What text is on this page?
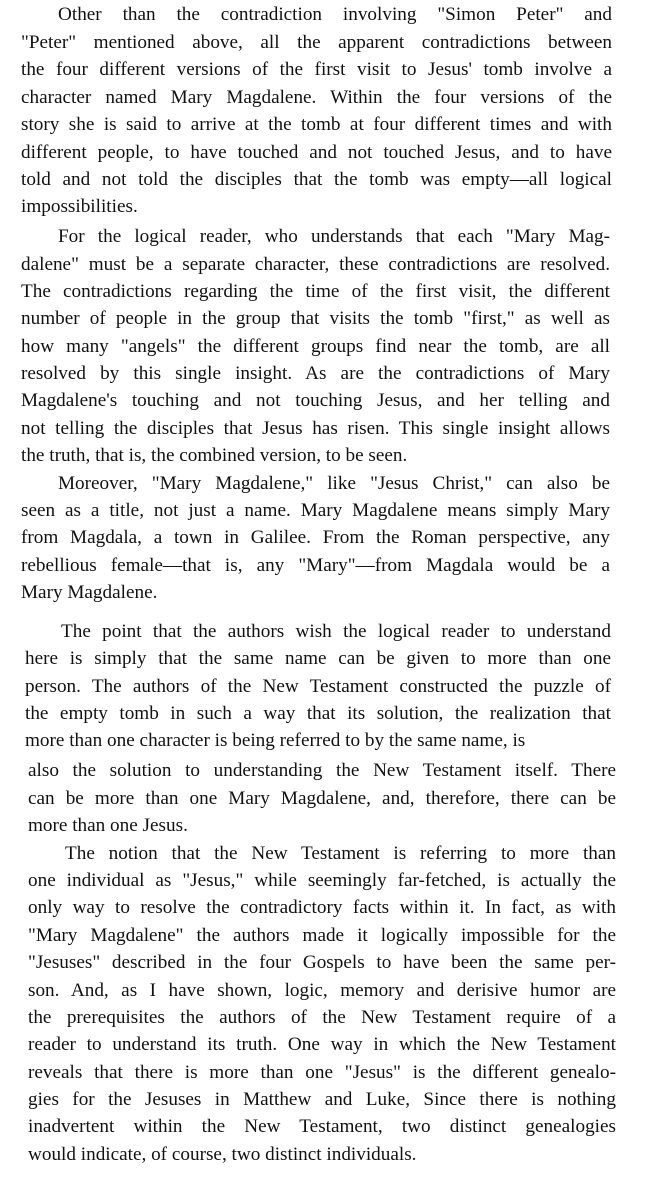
Other than the contradiction involving "Simon Peter" and
"Peter" mentioned above, all the apparent contradictions between
the four different versions of the first visit to Jesus' tomb involve a
character named Mary Magdalene. Within the four versions of the
story she is said to arrive at the tomb at four different times and with
different people, to have touched and not touched Jesus, and to have
told and not told the disciples that the tomb was empty—all logical
impossibilities.
For the logical reader, who understands that each "Mary Mag-
dalene" must be a separate character, these contradictions are resolved.
The contradictions regarding the time of the first visit, the different
number of people in the group that visits the tomb "first," as well as
how many "angels" the different groups find near the tomb, are all
resolved by this single insight. As are the contradictions of Mary
Magdalene's touching and not touching Jesus, and her telling and
not telling the disciples that Jesus has risen. This single insight allows
the truth, that is, the combined version, to be seen.
Moreover, "Mary Magdalene," like "Jesus Christ," can also be
seen as a title, not just a name. Mary Magdalene means simply Mary
from Magdala, a town in Galilee. From the Roman perspective, any
rebellious female—that is, any "Mary"—from Magdala would be a
Mary Magdalene.
The point that the authors wish the logical reader to understand
here is simply that the same name can be given to more than one
person. The authors of the New Testament constructed the puzzle of
the empty tomb in such a way that its solution, the realization that
more than one character is being referred to by the same name, is
also the solution to understanding the New Testament itself. There
can be more than one Mary Magdalene, and, therefore, there can be
more than one Jesus.
The notion that the New Testament is referring to more than
one individual as "Jesus," while seemingly far-fetched, is actually the
only way to resolve the contradictory facts within it. In fact, as with
"Mary Magdalene" the authors made it logically impossible for the
"Jesuses" described in the four Gospels to have been the same per-
son. And, as I have shown, logic, memory and derisive humor are
the prerequisites the authors of the New Testament require of a
reader to understand its truth. One way in which the New Testament
reveals that there is more than one "Jesus" is the different genealo-
gies for the Jesuses in Matthew and Luke, Since there is nothing
inadvertent within the New Testament, two distinct genealogies
would indicate, of course, two distinct individuals.
